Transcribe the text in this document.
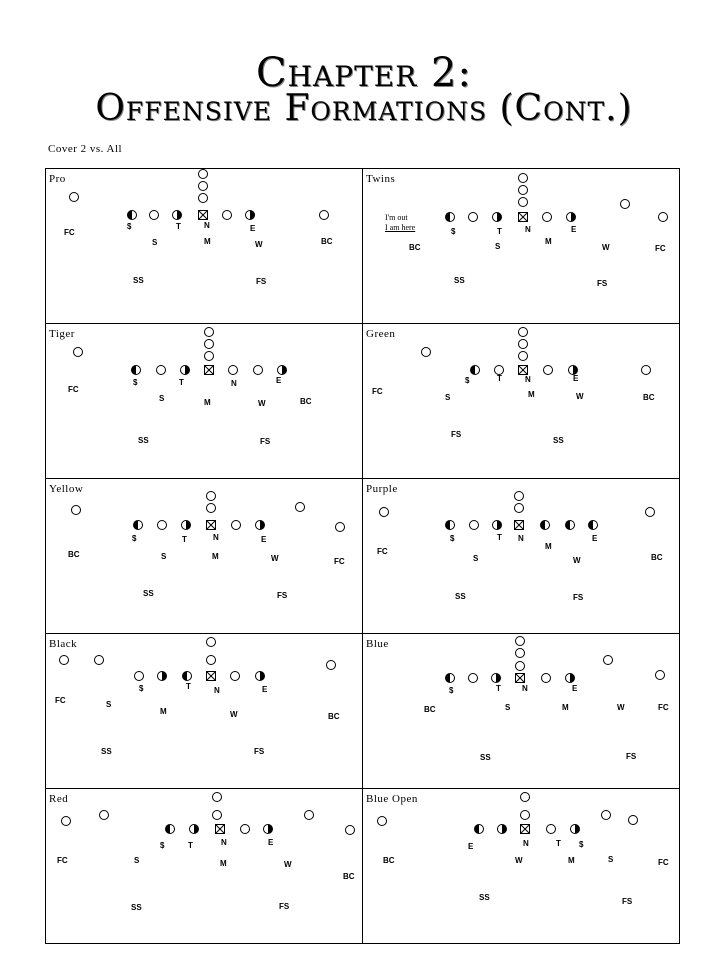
Chapter 2:
Offensive Formations (Cont.)
Cover 2 vs. All
$	T	N	E
S	M	W
FC
BC
SS	FS
Pro
$	T	N	E
M
S	W
BC	FC
SS	FS
Twins
I'm out
I am here
$	T	N	E
S	M	W	BC
FC
SS	FS
Tiger
$	T	N	E
FC
S	M	W	BC
FS
SS
Green
$	T	N	E
BC	S	M	W	FC
SS	FS
Yellow
$	T N
M
E
FC
S	W	BC
SS	FS
Purple
$	T	N	E
FC	S
M	W	BC
SS	FS
Black
$	T	N	E
BC	S	M	W	FC
SS	FS
Blue
$	T	N	E
FC	S	M	W
BC
SS	FS
Red
E	N	T $
BC	W	M	S	FC
SS	FS
Blue Open
